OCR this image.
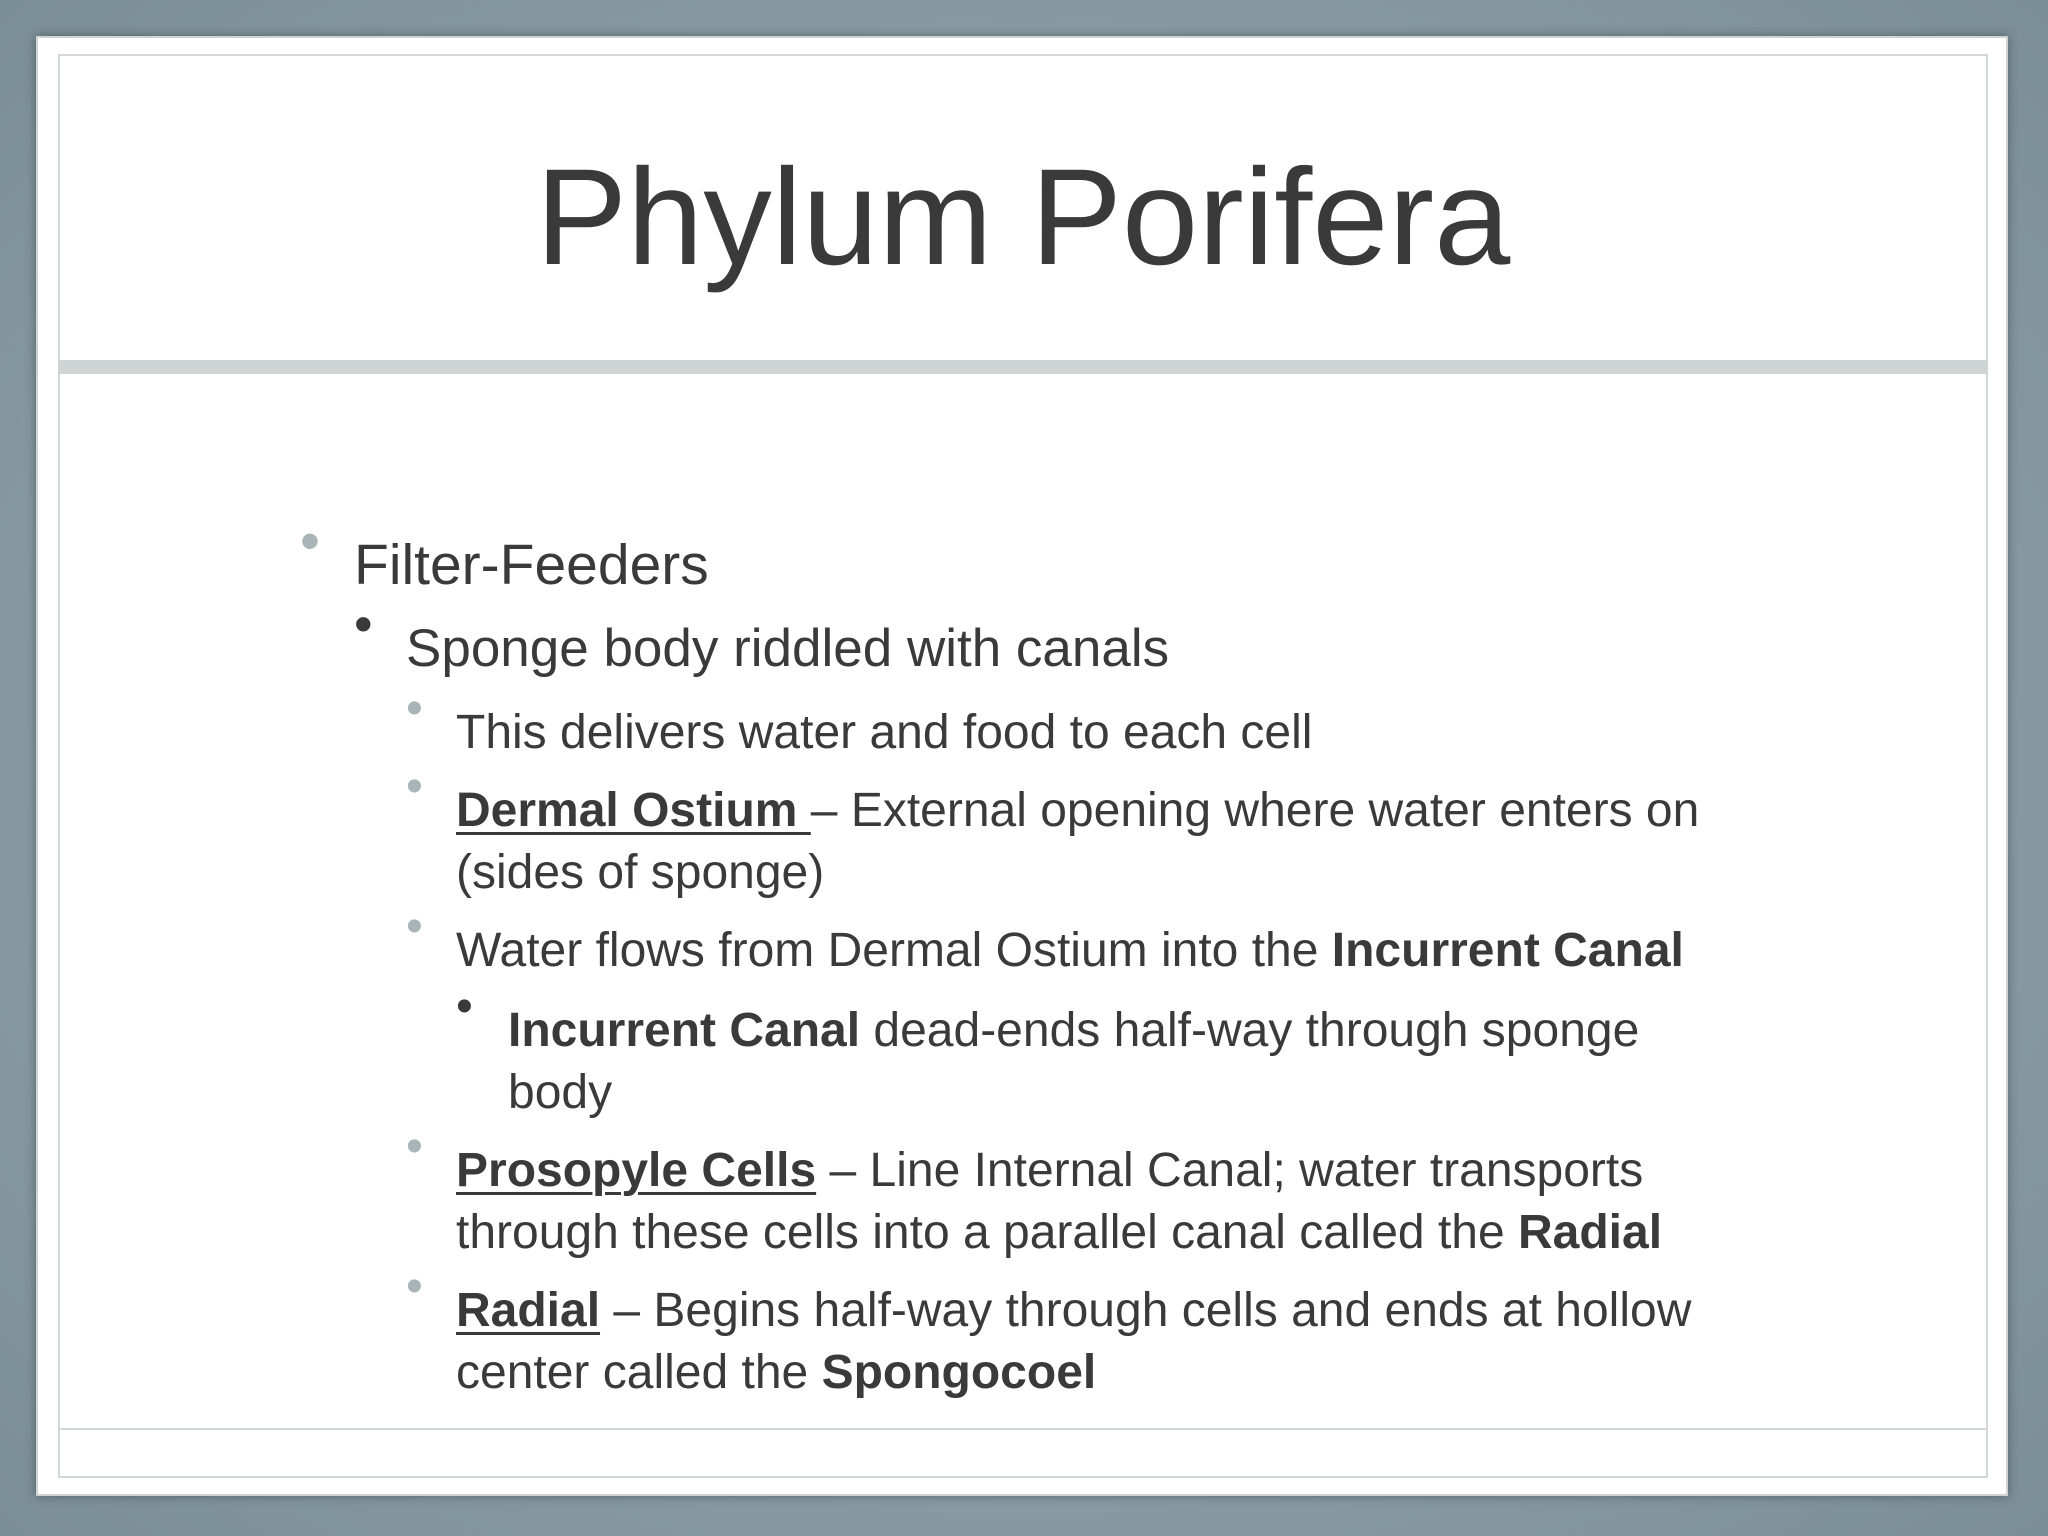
Phylum Porifera
• Filter-Feeders
• Sponge body riddled with canals
• This delivers water and food to each cell
• Dermal Ostium – External opening where water enters on
(sides of sponge)
• Water flows from Dermal Ostium into the Incurrent Canal
• Incurrent Canal dead-ends half-way through sponge
body
• Prosopyle Cells – Line Internal Canal; water transports
through these cells into a parallel canal called the Radial
• Radial – Begins half-way through cells and ends at hollow
center called the Spongocoel
